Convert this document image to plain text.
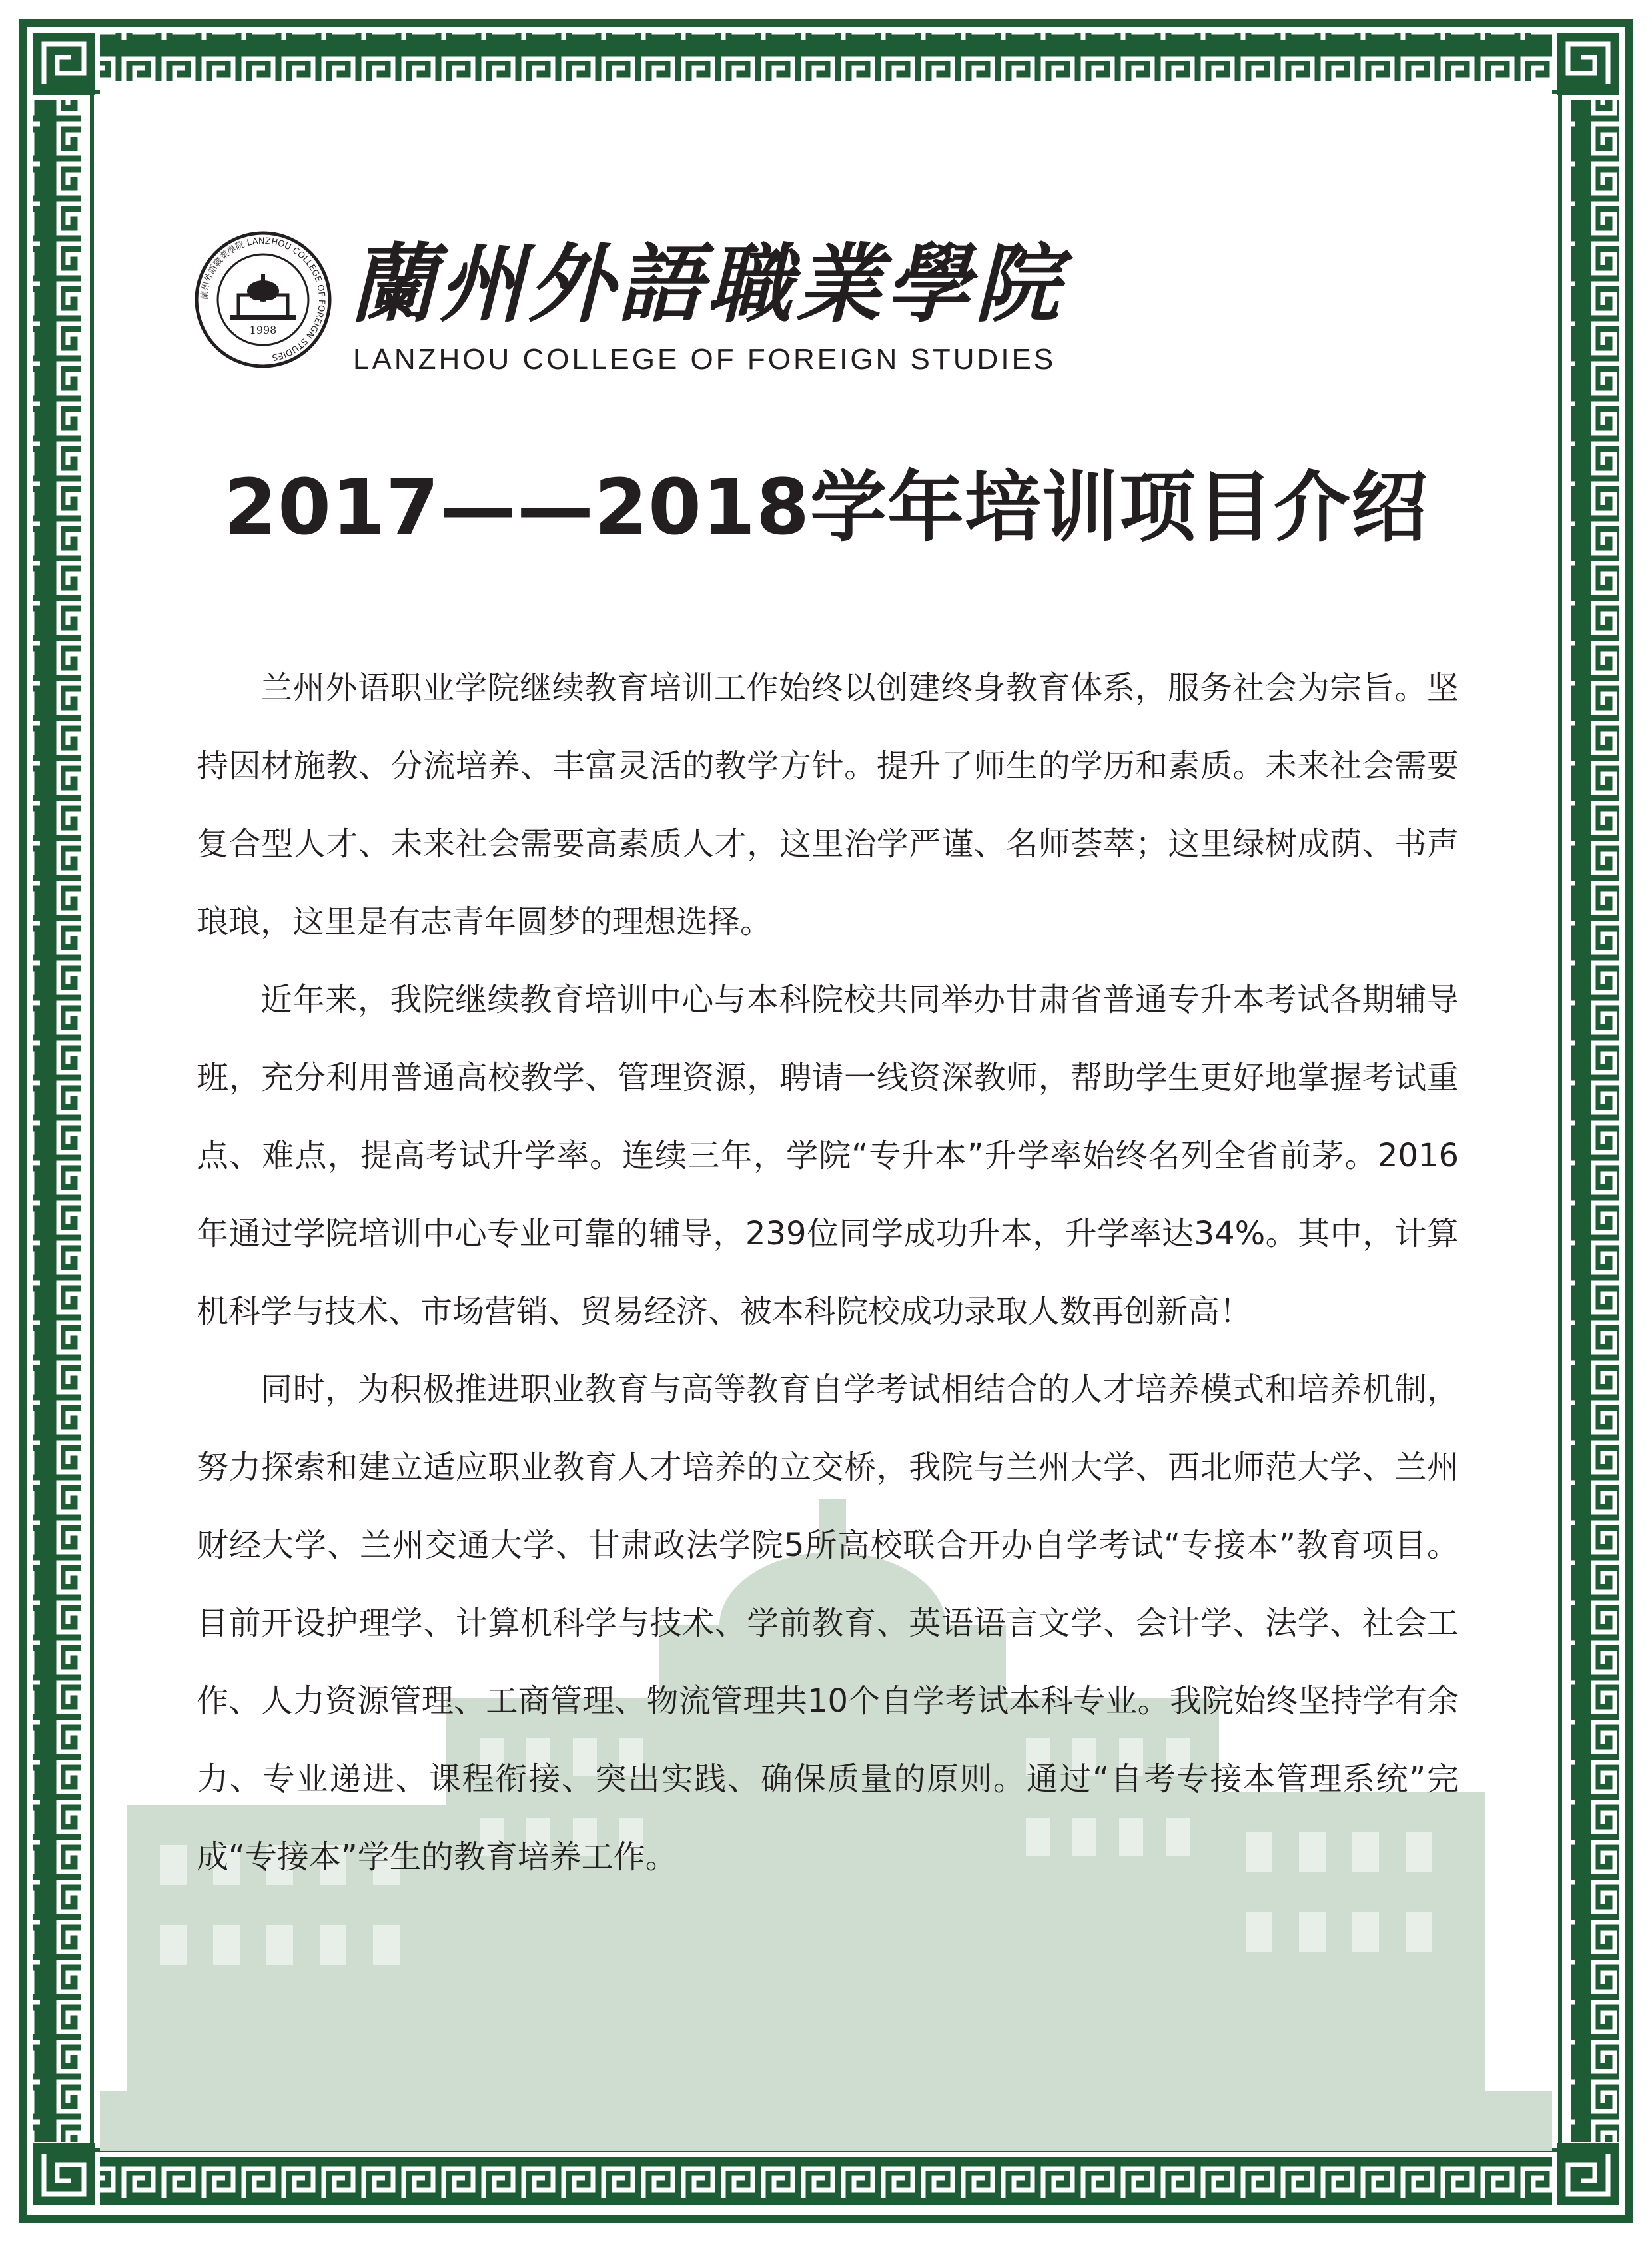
蘭州外語職業學院 LANZHOU COLLEGE OF FOREIGN STUDIES
1998 蘭州外語職業學院
LANZHOU COLLEGE OF FOREIGN STUDIES
2017——2018学年培训项目介绍

兰州外语职业学院继续教育培训工作始终以创建终身教育体系，服务社会为宗旨。坚持因材施教、分流培养、丰富灵活的教学方针。提升了师生的学历和素质。未来社会需要复合型人才、未来社会需要高素质人才，这里治学严谨、名师荟萃；这里绿树成荫、书声琅琅，这里是有志青年圆梦的理想选择。

近年来，我院继续教育培训中心与本科院校共同举办甘肃省普通专升本考试各期辅导班，充分利用普通高校教学、管理资源，聘请一线资深教师，帮助学生更好地掌握考试重点、难点，提高考试升学率。连续三年，学院“专升本”升学率始终名列全省前茅。2016年通过学院培训中心专业可靠的辅导，239位同学成功升本，升学率达34%。其中，计算机科学与技术、市场营销、贸易经济、被本科院校成功录取人数再创新高！

同时，为积极推进职业教育与高等教育自学考试相结合的人才培养模式和培养机制，努力探索和建立适应职业教育人才培养的立交桥，我院与兰州大学、西北师范大学、兰州财经大学、兰州交通大学、甘肃政法学院5所高校联合开办自学考试“专接本”教育项目。目前开设护理学、计算机科学与技术、学前教育、英语语言文学、会计学、法学、社会工作、人力资源管理、工商管理、物流管理共10个自学考试本科专业。我院始终坚持学有余力、专业递进、课程衔接、突出实践、确保质量的原则。通过“自考专接本管理系统”完成“专接本”学生的教育培养工作。
